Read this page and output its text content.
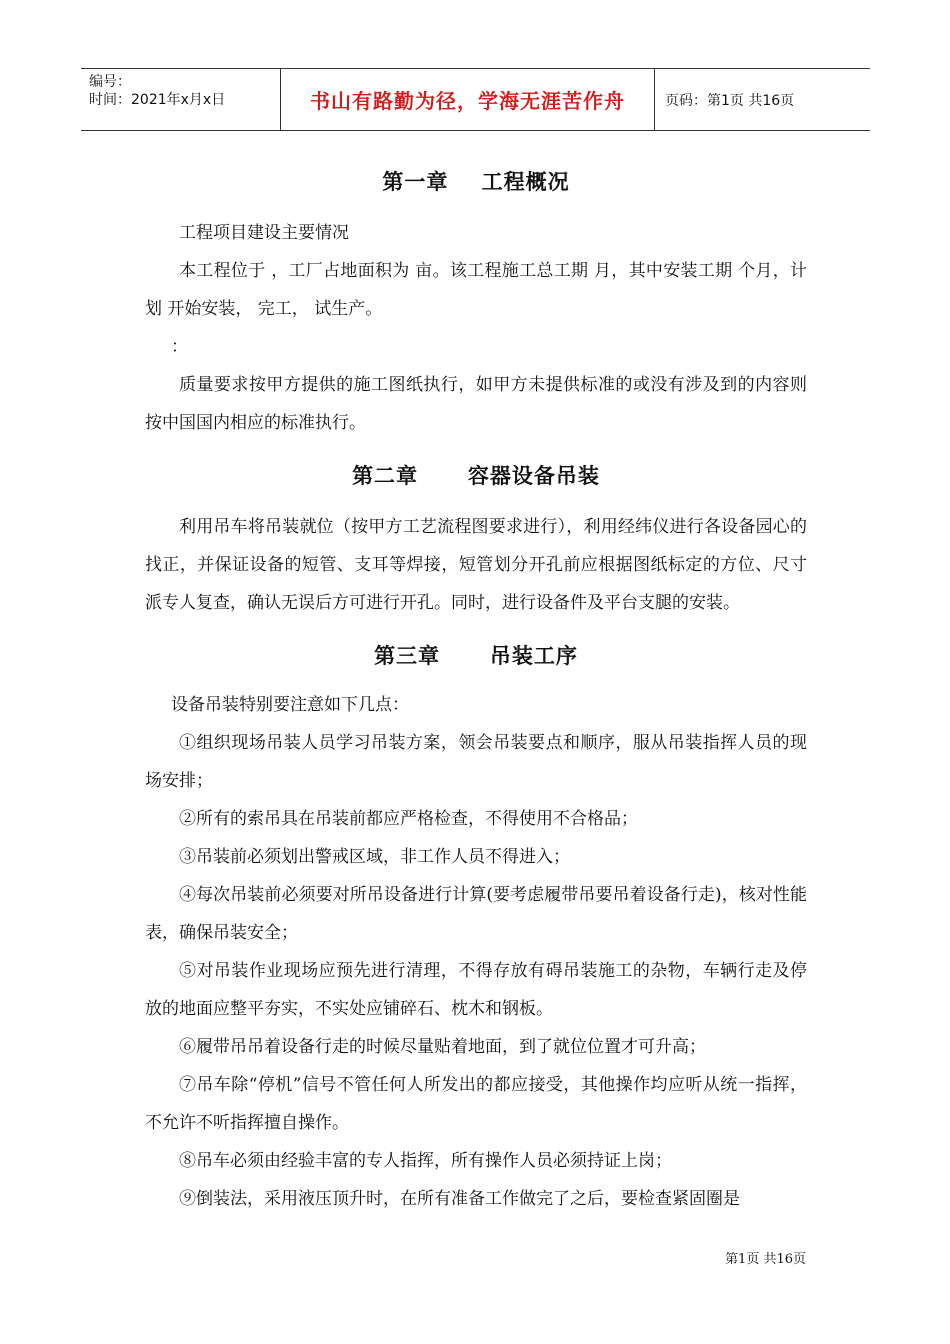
编号：
时间：2021年x月x日	书山有路勤为径，学海无涯苦作舟	页码：第1页 共16页
第一章    工程概况

工程项目建设主要情况

本工程位于 ，工厂占地面积为 亩。该工程施工总工期 月，其中安装工期 个月，计划 开始安装， 完工， 试生产。

：

质量要求按甲方提供的施工图纸执行，如甲方未提供标准的或没有涉及到的内容则按中国国内相应的标准执行。

第二章      容器设备吊装

利用吊车将吊装就位（按甲方工艺流程图要求进行），利用经纬仪进行各设备园心的找正，并保证设备的短管、支耳等焊接，短管划分开孔前应根据图纸标定的方位、尺寸派专人复查，确认无误后方可进行开孔。同时，进行设备件及平台支腿的安装。

第三章      吊装工序

设备吊装特别要注意如下几点：

①组织现场吊装人员学习吊装方案，领会吊装要点和顺序，服从吊装指挥人员的现场安排；

②所有的索吊具在吊装前都应严格检查，不得使用不合格品；

③吊装前必须划出警戒区域，非工作人员不得进入；

④每次吊装前必须要对所吊设备进行计算(要考虑履带吊要吊着设备行走)，核对性能表，确保吊装安全；

⑤对吊装作业现场应预先进行清理，不得存放有碍吊装施工的杂物，车辆行走及停放的地面应整平夯实，不实处应铺碎石、枕木和钢板。

⑥履带吊吊着设备行走的时候尽量贴着地面，到了就位位置才可升高；

⑦吊车除“停机”信号不管任何人所发出的都应接受，其他操作均应听从统一指挥，不允许不听指挥擅自操作。

⑧吊车必须由经验丰富的专人指挥，所有操作人员必须持证上岗；

⑨倒装法，采用液压顶升时，在所有准备工作做完了之后，要检查紧固圈是

第1页 共16页
